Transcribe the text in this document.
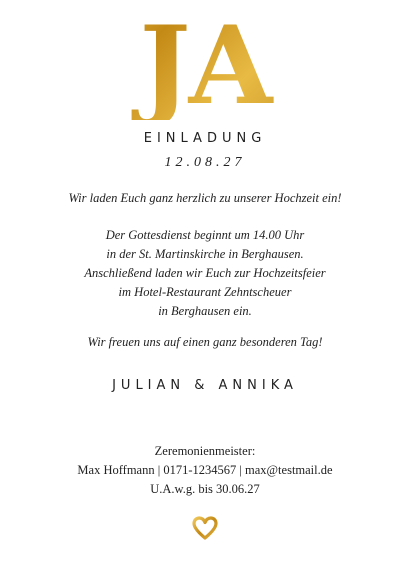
JA
EINLADUNG
12.08.27
Wir laden Euch ganz herzlich zu unserer Hochzeit ein!
Der Gottesdienst beginnt um 14.00 Uhr
in der St. Martinskirche in Berghausen.
Anschließend laden wir Euch zur Hochzeitsfeier
im Hotel-Restaurant Zehntscheuer
in Berghausen ein.
Wir freuen uns auf einen ganz besonderen Tag!
JULIAN & ANNIKA
Zeremonienmeister:
Max Hoffmann | 0171-1234567 | max@testmail.de
U.A.w.g. bis 30.06.27
